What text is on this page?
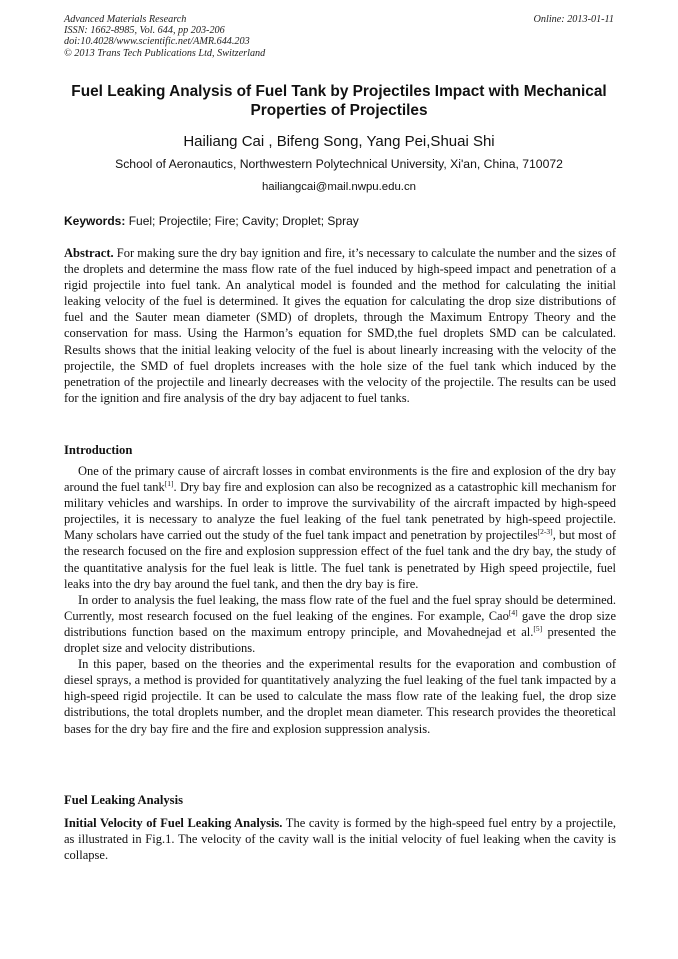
Advanced Materials Research
ISSN: 1662-8985, Vol. 644, pp 203-206
doi:10.4028/www.scientific.net/AMR.644.203
© 2013 Trans Tech Publications Ltd, Switzerland
Online: 2013-01-11
Fuel Leaking Analysis of Fuel Tank by Projectiles Impact with Mechanical Properties of Projectiles

Hailiang Cai , Bifeng Song, Yang Pei,Shuai Shi

School of Aeronautics, Northwestern Polytechnical University, Xi'an, China, 710072

hailiangcai@mail.nwpu.edu.cn

Keywords: Fuel; Projectile; Fire; Cavity; Droplet; Spray

Abstract. For making sure the dry bay ignition and fire, it’s necessary to calculate the number and the sizes of the droplets and determine the mass flow rate of the fuel induced by high-speed impact and penetration of a rigid projectile into fuel tank. An analytical model is founded and the method for calculating the initial leaking velocity of the fuel is determined. It gives the equation for calculating the drop size distributions of fuel and the Sauter mean diameter (SMD) of droplets, through the Maximum Entropy Theory and the conservation for mass. Using the Harmon’s equation for SMD,the fuel droplets SMD can be calculated. Results shows that the initial leaking velocity of the fuel is about linearly increasing with the velocity of the projectile, the SMD of fuel droplets increases with the hole size of the fuel tank which induced by the penetration of the projectile and linearly decreases with the velocity of the projectile. The results can be used for the ignition and fire analysis of the dry bay adjacent to fuel tanks.

Introduction

One of the primary cause of aircraft losses in combat environments is the fire and explosion of the dry bay around the fuel tank[1]. Dry bay fire and explosion can also be recognized as a catastrophic kill mechanism for military vehicles and warships. In order to improve the survivability of the aircraft impacted by high-speed projectiles, it is necessary to analyze the fuel leaking of the fuel tank penetrated by high-speed projectile. Many scholars have carried out the study of the fuel tank impact and penetration by projectiles[2-3], but most of the research focused on the fire and explosion suppression effect of the fuel tank and the dry bay, the study of the quantitative analysis for the fuel leak is little. The fuel tank is penetrated by High speed projectile, fuel leaks into the dry bay around the fuel tank, and then the dry bay is fire.

In order to analysis the fuel leaking, the mass flow rate of the fuel and the fuel spray should be determined. Currently, most research focused on the fuel leaking of the engines. For example, Cao[4] gave the drop size distributions function based on the maximum entropy principle, and Movahednejad et al.[5] presented the droplet size and velocity distributions.

In this paper, based on the theories and the experimental results for the evaporation and combustion of diesel sprays, a method is provided for quantitatively analyzing the fuel leaking of the fuel tank impacted by a high-speed rigid projectile. It can be used to calculate the mass flow rate of the leaking fuel, the drop size distributions, the total droplets number, and the droplet mean diameter. This research provides the theoretical bases for the dry bay fire and the fire and explosion suppression analysis.

Fuel Leaking Analysis

Initial Velocity of Fuel Leaking Analysis. The cavity is formed by the high-speed fuel entry by a projectile, as illustrated in Fig.1. The velocity of the cavity wall is the initial velocity of fuel leaking when the cavity is collapse.
